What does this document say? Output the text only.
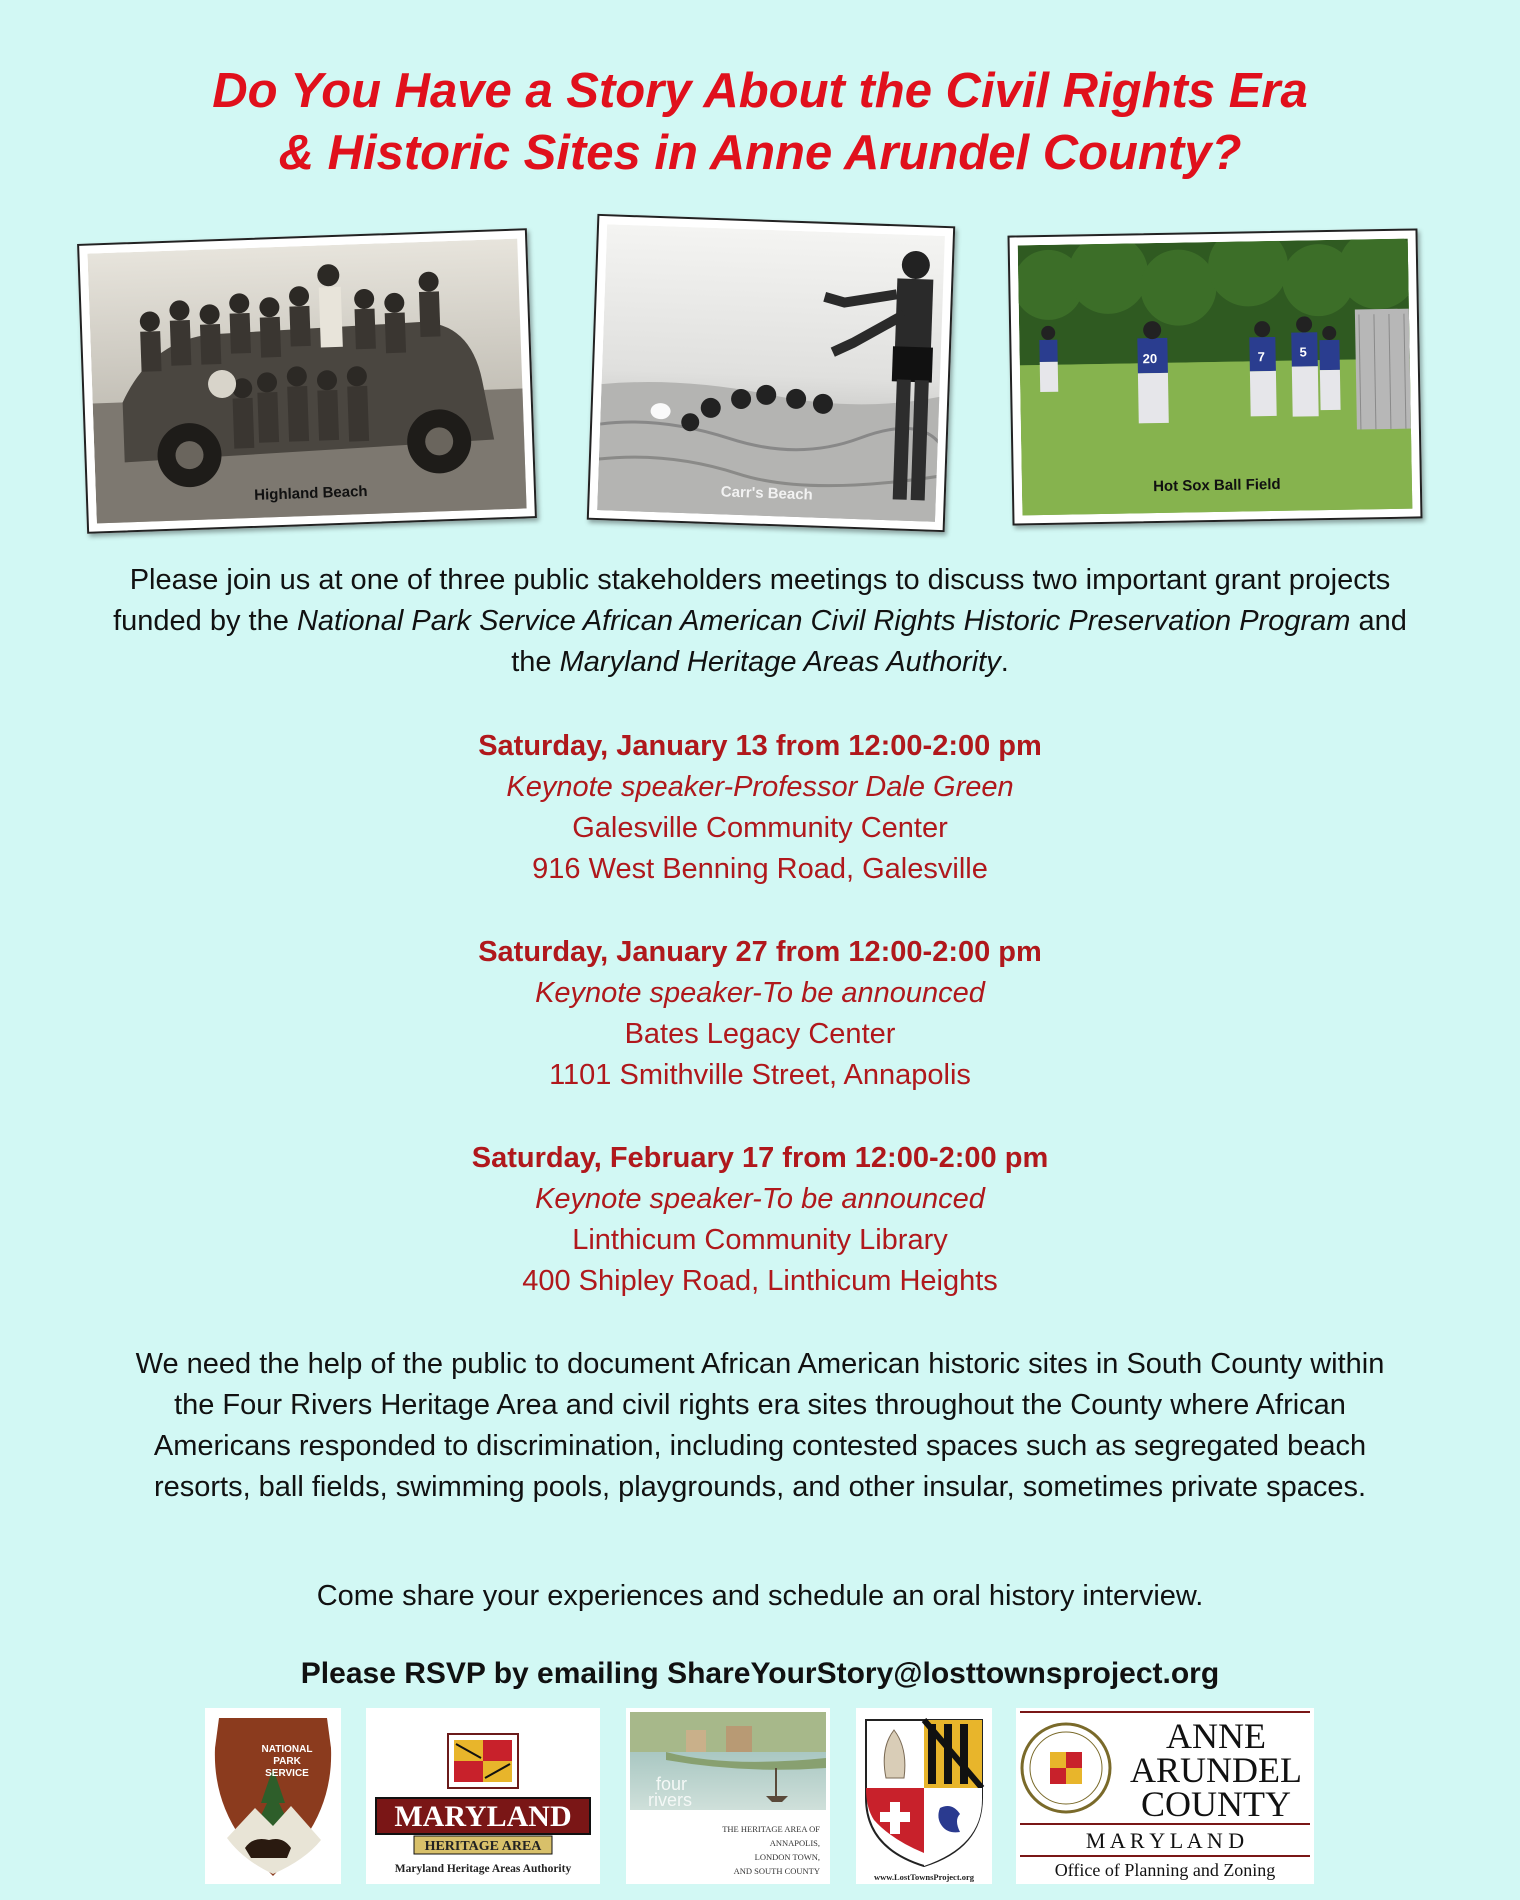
Do You Have a Story About the Civil Rights Era
& Historic Sites in Anne Arundel County?
Highland Beach	Carr's Beach
20	7	5
Hot Sox Ball Field
Please join us at one of three public stakeholders meetings to discuss two important grant projects funded by the National Park Service African American Civil Rights Historic Preservation Program and the Maryland Heritage Areas Authority.
Saturday, January 13 from 12:00-2:00 pm
Keynote speaker-Professor Dale Green
Galesville Community Center
916 West Benning Road, Galesville
Saturday, January 27 from 12:00-2:00 pm
Keynote speaker-To be announced
Bates Legacy Center
1101 Smithville Street, Annapolis
Saturday, February 17 from 12:00-2:00 pm
Keynote speaker-To be announced
Linthicum Community Library
400 Shipley Road, Linthicum Heights
We need the help of the public to document African American historic sites in South County within the Four Rivers Heritage Area and civil rights era sites throughout the County where African Americans responded to discrimination, including contested spaces such as segregated beach resorts, ball fields, swimming pools, playgrounds, and other insular, sometimes private spaces.
Come share your experiences and schedule an oral history interview.
Please RSVP by emailing ShareYourStory@losttownsproject.org
NATIONAL
PARK
SERVICE
MARYLAND
HERITAGE AREA
Maryland Heritage Areas Authority
four
rivers
THE HERITAGE AREA OF
ANNAPOLIS,
LONDON TOWN,
AND SOUTH COUNTY
www.LostTownsProject.org
ANNE
ARUNDEL
COUNTY
M A R Y L A N D
Office of Planning and Zoning
